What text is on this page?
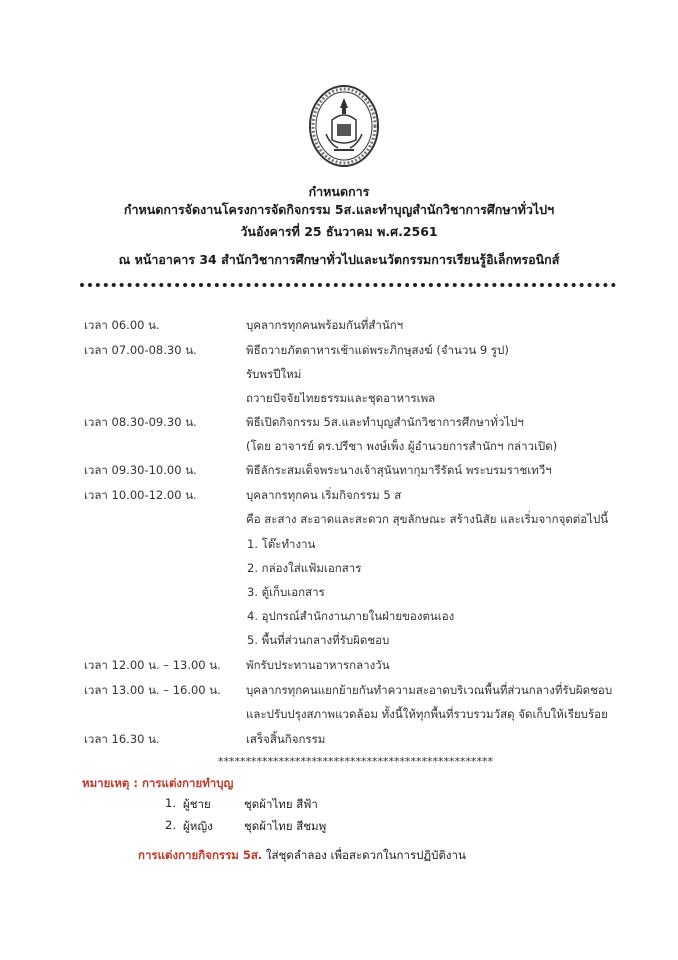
กำหนดการ
กำหนดการจัดงานโครงการจัดกิจกรรม 5ส.และทำบุญสำนักวิชาการศึกษาทั่วไปฯ
วันอังคารที่ 25 ธันวาคม พ.ศ.2561
ณ หน้าอาคาร 34 สำนักวิชาการศึกษาทั่วไปและนวัตกรรมการเรียนรู้อิเล็กทรอนิกส์
เวลา 06.00 น.	บุคลากรทุกคนพร้อมกันที่สำนักฯ
เวลา 07.00-08.30 น.	พิธีถวายภัตตาหารเช้าแด่พระภิกษุสงฆ์ (จำนวน 9 รูป)
รับพรปีใหม่
ถวายปัจจัยไทยธรรมและชุดอาหารเพล
เวลา 08.30-09.30 น.	พิธีเปิดกิจกรรม 5ส.และทำบุญสำนักวิชาการศึกษาทั่วไปฯ
(โดย อาจารย์ ดร.ปรีชา พงษ์เพ็ง ผู้อำนวยการสำนักฯ กล่าวเปิด)
เวลา 09.30-10.00 น.	พิธีลักระสมเด็จพระนางเจ้าสุนันทากุมารีรัตน์ พระบรมราชเทวีฯ
เวลา 10.00-12.00 น.	บุคลากรทุกคน เริ่มกิจกรรม 5 ส
คือ สะสาง สะอาดและสะดวก สุขลักษณะ สร้างนิสัย และเริ่มจากจุดต่อไปนี้
1. โต๊ะทำงาน
2. กล่องใส่แฟ้มเอกสาร
3. ตู้เก็บเอกสาร
4. อุปกรณ์สำนักงานภายในฝ่ายของตนเอง
5. พื้นที่ส่วนกลางที่รับผิดชอบ
เวลา 12.00 น. – 13.00 น. พักรับประทานอาหารกลางวัน
เวลา 13.00 น. – 16.00 น. บุคลากรทุกคนแยกย้ายกันทำความสะอาดบริเวณพื้นที่ส่วนกลางที่รับผิดชอบ
และปรับปรุงสภาพแวดล้อม ทั้งนี้ให้ทุกพื้นที่รวบรวมวัสดุ จัดเก็บให้เรียบร้อย
เวลา 16.30 น.	เสร็จสิ้นกิจกรรม
**************************************************
หมายเหตุ : การแต่งกายทำบุญ
1. ผู้ชาย	ชุดผ้าไทย สีฟ้า
2. ผู้หญิง	ชุดผ้าไทย สีชมพู
การแต่งกายกิจกรรม 5ส. ใส่ชุดลำลอง เพื่อสะดวกในการปฏิบัติงาน
